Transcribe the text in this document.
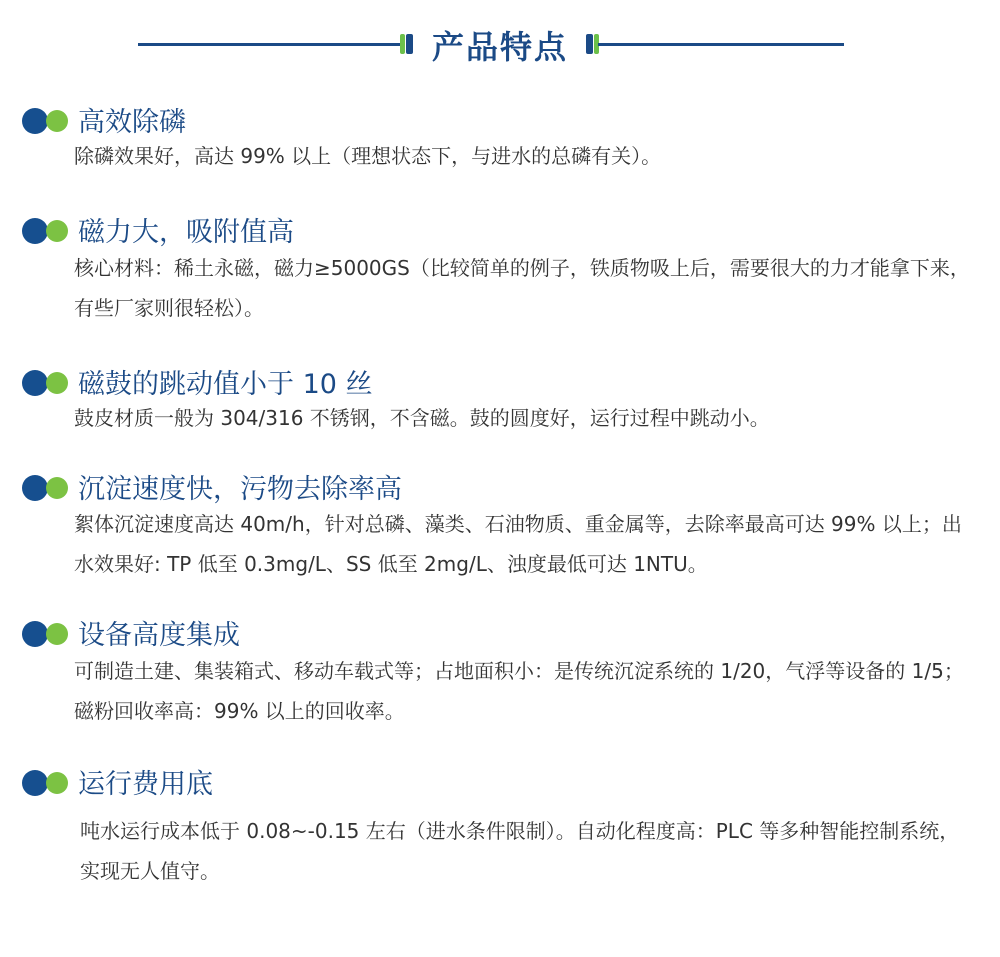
产品特点
高效除磷
除磷效果好，高达 99% 以上（理想状态下，与进水的总磷有关）。
磁力大，吸附值高
核心材料：稀土永磁，磁力≥5000GS（比较简单的例子，铁质物吸上后，需要很大的力才能拿下来，有些厂家则很轻松）。
磁鼓的跳动值小于 10 丝
鼓皮材质一般为 304/316 不锈钢，不含磁。鼓的圆度好，运行过程中跳动小。
沉淀速度快，污物去除率高
絮体沉淀速度高达 40m/h，针对总磷、藻类、石油物质、重金属等，去除率最高可达 99% 以上；出水效果好: TP 低至 0.3mg/L、SS 低至 2mg/L、浊度最低可达 1NTU。
设备高度集成
可制造土建、集装箱式、移动车载式等；占地面积小：是传统沉淀系统的 1/20，气浮等设备的 1/5；磁粉回收率高：99% 以上的回收率。
运行费用底
吨水运行成本低于 0.08~-0.15 左右（进水条件限制）。自动化程度高：PLC 等多种智能控制系统，实现无人值守。
